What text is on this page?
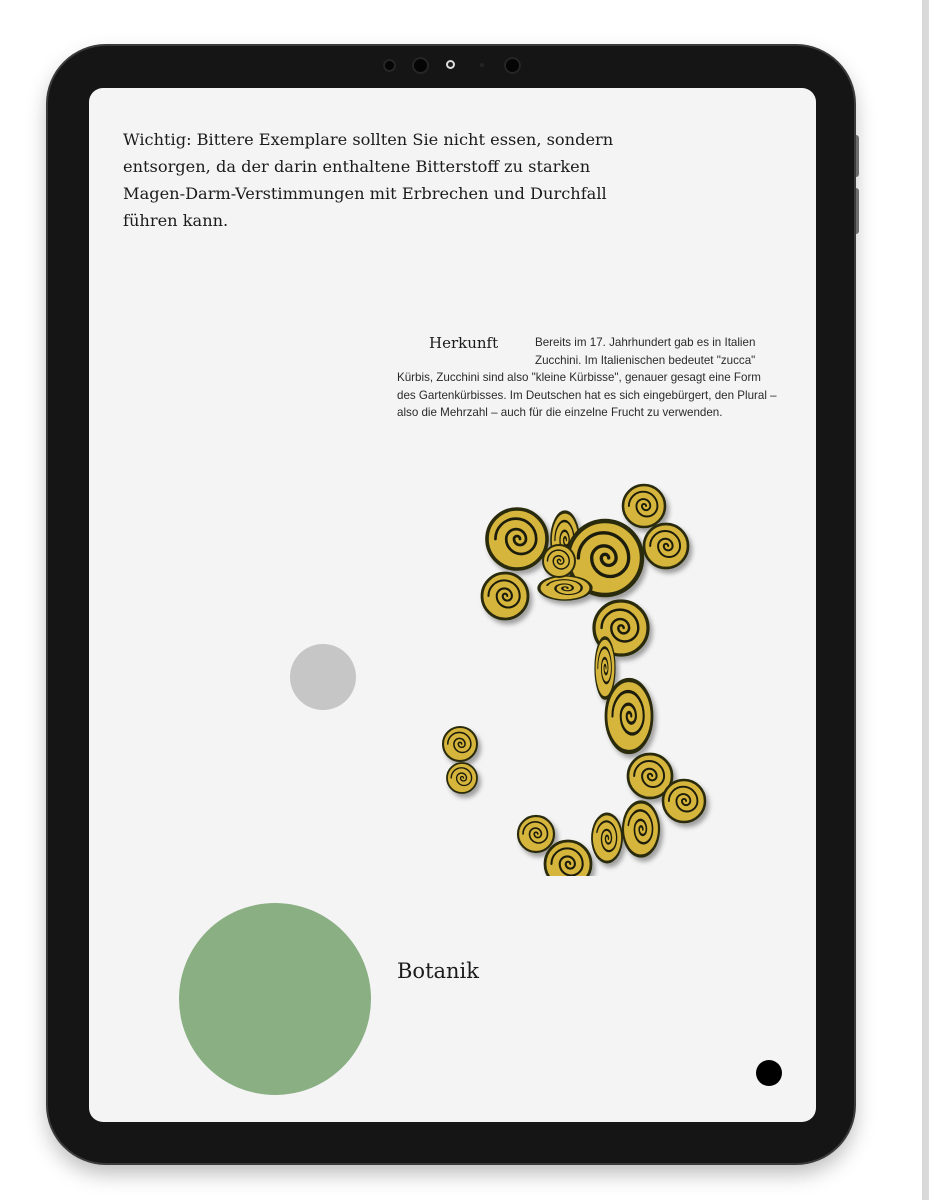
Wichtig: Bittere Exemplare sollten Sie nicht essen, sondern entsorgen, da der darin enthaltene Bitterstoff zu starken Magen-Darm-Verstimmungen mit Erbrechen und Durchfall führen kann.

Herkunft	Bereits im 17. Jahrhundert gab es in Italien Zucchini. Im Italienischen bedeutet "zucca" Kürbis, Zucchini sind also "kleine Kürbisse", genauer gesagt eine Form des Gartenkürbisses. Im Deutschen hat es sich eingebürgert, den Plural – also die Mehrzahl – auch für die einzelne Frucht zu verwenden.

Botanik
